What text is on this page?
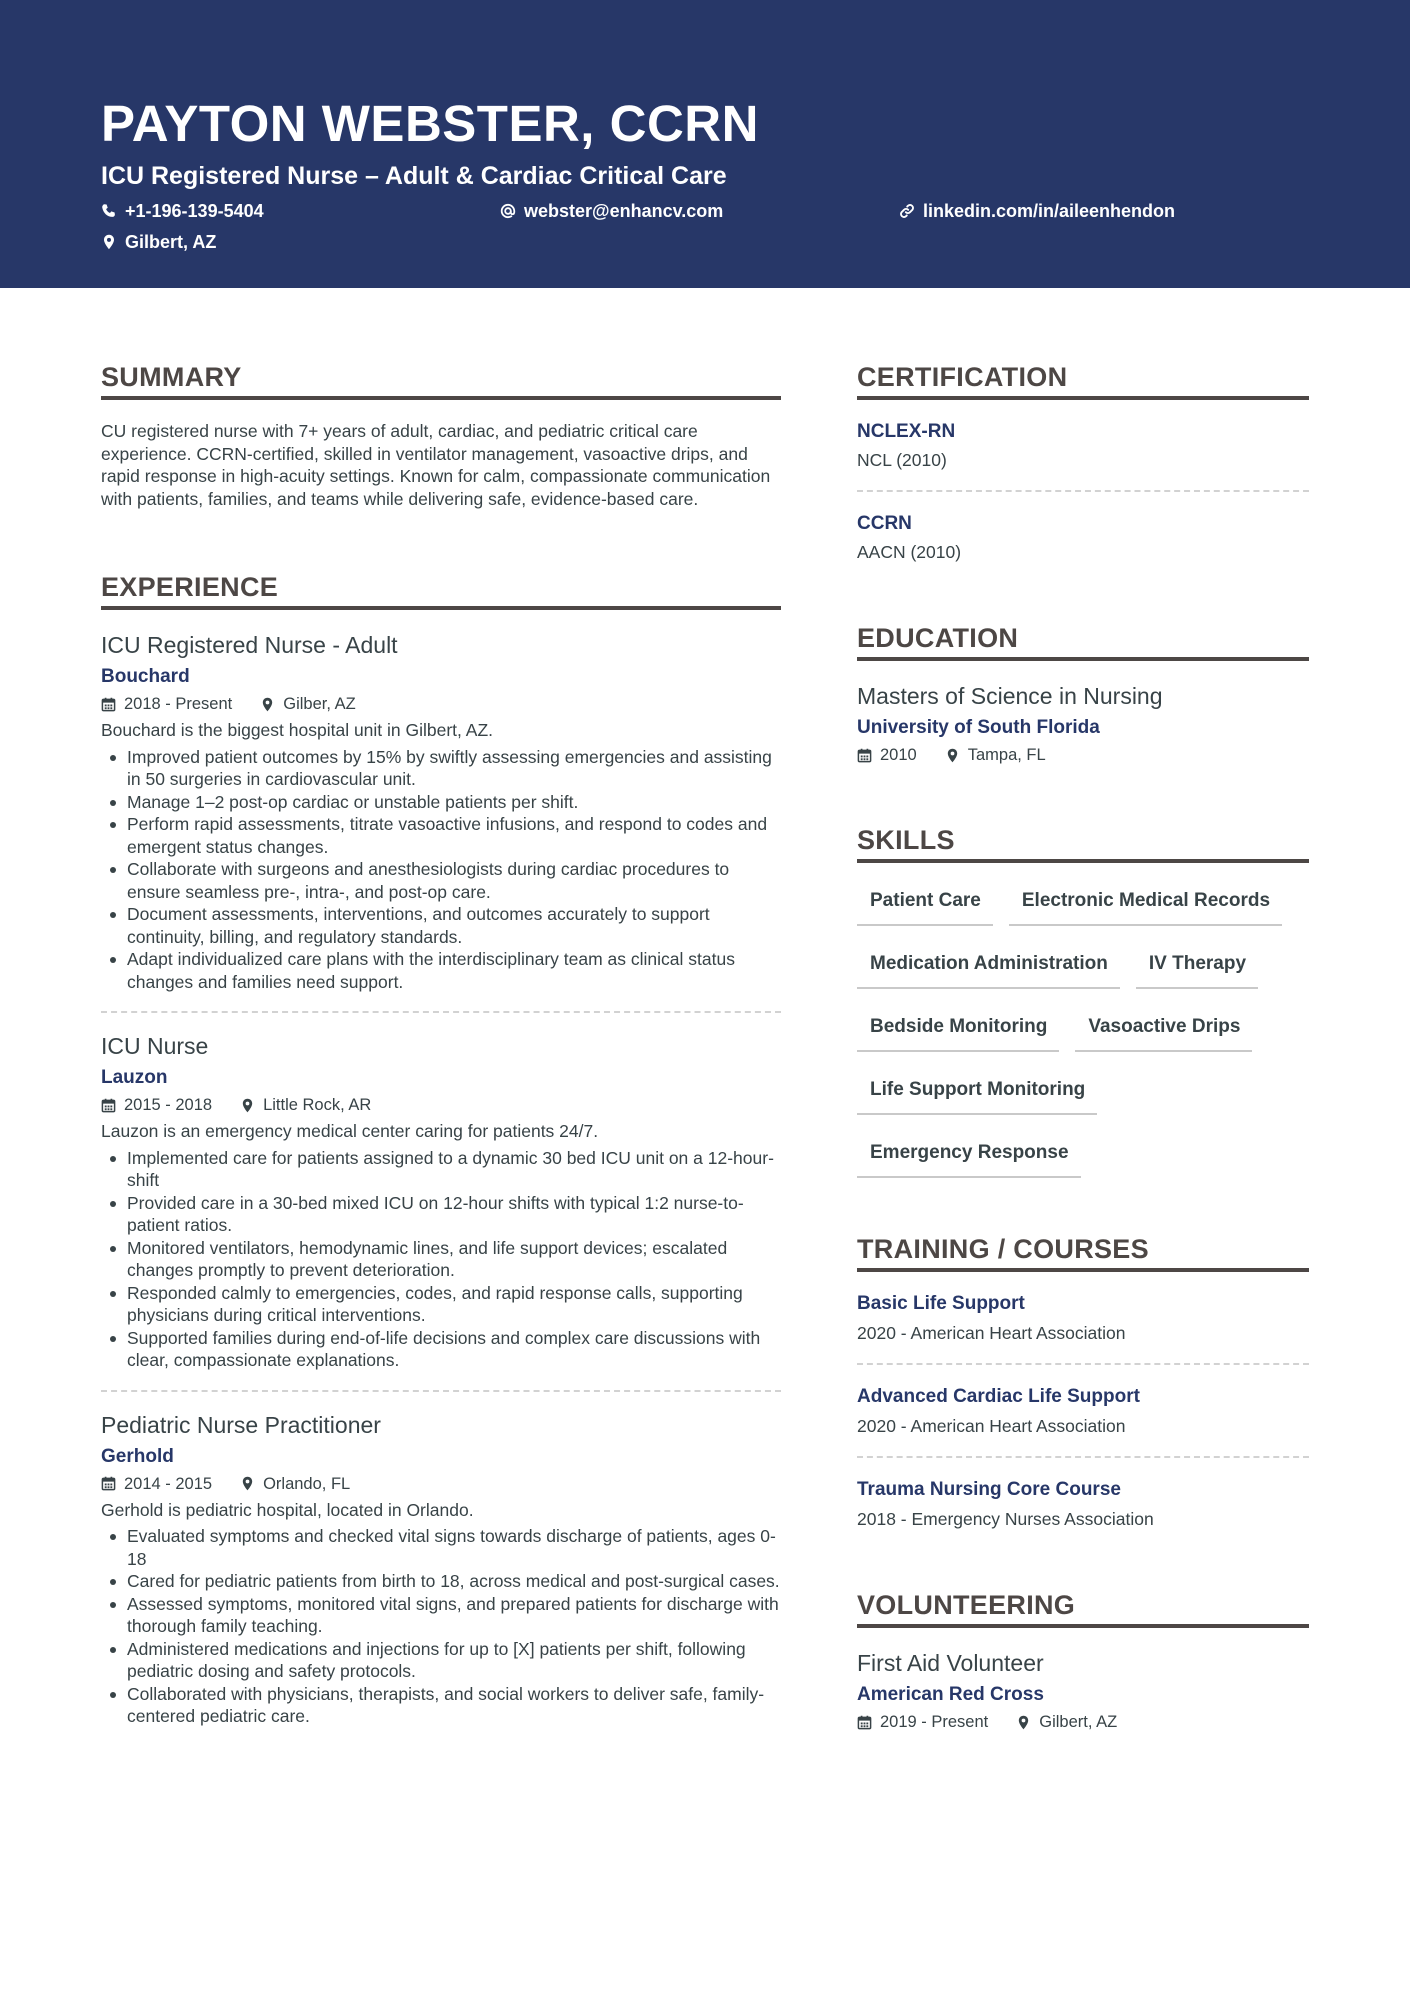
PAYTON WEBSTER, CCRN
ICU Registered Nurse – Adult & Cardiac Critical Care
+1-196-139-5404	webster@enhancv.com	linkedin.com/in/aileenhendon
Gilbert, AZ
SUMMARY
CU registered nurse with 7+ years of adult, cardiac, and pediatric critical care experience. CCRN-certified, skilled in ventilator management, vasoactive drips, and rapid response in high-acuity settings. Known for calm, compassionate communication with patients, families, and teams while delivering safe, evidence-based care.
EXPERIENCE
ICU Registered Nurse - Adult
Bouchard
2018 - Present	Gilber, AZ
Bouchard is the biggest hospital unit in Gilbert, AZ.
Improved patient outcomes by 15% by swiftly assessing emergencies and assisting in 50 surgeries in cardiovascular unit.
Manage 1–2 post-op cardiac or unstable patients per shift.
Perform rapid assessments, titrate vasoactive infusions, and respond to codes and emergent status changes.
Collaborate with surgeons and anesthesiologists during cardiac procedures to ensure seamless pre-, intra-, and post-op care.
Document assessments, interventions, and outcomes accurately to support continuity, billing, and regulatory standards.
Adapt individualized care plans with the interdisciplinary team as clinical status changes and families need support.
ICU Nurse
Lauzon
2015 - 2018	Little Rock, AR
Lauzon is an emergency medical center caring for patients 24/7.
Implemented care for patients assigned to a dynamic 30 bed ICU unit on a 12-hour-shift
Provided care in a 30-bed mixed ICU on 12-hour shifts with typical 1:2 nurse-to-patient ratios.
Monitored ventilators, hemodynamic lines, and life support devices; escalated changes promptly to prevent deterioration.
Responded calmly to emergencies, codes, and rapid response calls, supporting physicians during critical interventions.
Supported families during end-of-life decisions and complex care discussions with clear, compassionate explanations.
Pediatric Nurse Practitioner
Gerhold
2014 - 2015	Orlando, FL
Gerhold is pediatric hospital, located in Orlando.
Evaluated symptoms and checked vital signs towards discharge of patients, ages 0-18
Cared for pediatric patients from birth to 18, across medical and post-surgical cases.
Assessed symptoms, monitored vital signs, and prepared patients for discharge with thorough family teaching.
Administered medications and injections for up to [X] patients per shift, following pediatric dosing and safety protocols.
Collaborated with physicians, therapists, and social workers to deliver safe, family-centered pediatric care.
CERTIFICATION
NCLEX-RN
NCL (2010)
CCRN
AACN (2010)
EDUCATION
Masters of Science in Nursing
University of South Florida
2010	Tampa, FL
SKILLS
Patient Care	Electronic Medical Records
Medication Administration	IV Therapy
Bedside Monitoring	Vasoactive Drips
Life Support Monitoring
Emergency Response
TRAINING / COURSES
Basic Life Support
2020 - American Heart Association
Advanced Cardiac Life Support
2020 - American Heart Association
Trauma Nursing Core Course
2018 - Emergency Nurses Association
VOLUNTEERING
First Aid Volunteer
American Red Cross
2019 - Present	Gilbert, AZ
